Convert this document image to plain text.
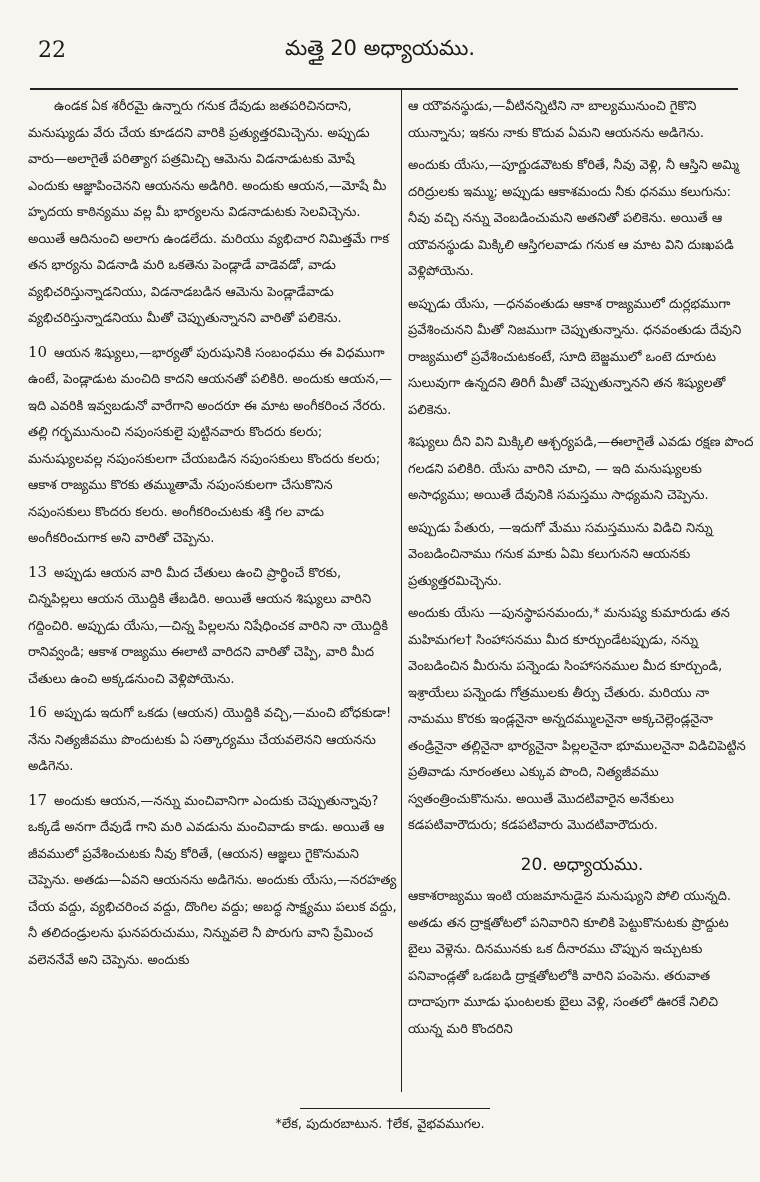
22	మత్తై 20 అధ్యాయము.

ఉండక ఏక శరీరమై ఉన్నారు గనుక దేవుడు జతపరిచినదాని, మనుష్యుడు వేరు చేయ కూడదని వారికి ప్రత్యుత్తరమిచ్చెను. అప్పుడు వారు—అలాగైతే పరిత్యాగ పత్రమిచ్చి ఆమెను విడనాడుటకు మోషే ఎందుకు ఆజ్ఞాపించెనని ఆయనను అడిగిరి. అందుకు ఆయన,—మోషే మీ హృదయ కాఠిన్యము వల్ల మీ భార్యలను విడనాడుటకు సెలవిచ్చెను. అయితే ఆదినుంచి అలాగు ఉండలేదు. మరియు వ్యభిచార నిమిత్తమే గాక తన భార్యను విడనాడి మరి ఒకతెను పెండ్లాడే వాడెవడో, వాడు వ్యభిచరిస్తున్నాడనియు, విడనాడబడిన ఆమెను పెండ్లాడేవాడు వ్యభిచరిస్తున్నాడనియు మీతో చెప్పుతున్నానని వారితో పలికెను.

10 ఆయన శిష్యులు,—భార్యతో పురుషునికి సంబంధము ఈ విధముగా ఉంటే, పెండ్లాడుట మంచిది కాదని ఆయనతో పలికిరి. అందుకు ఆయన,—ఇది ఎవరికి ఇవ్వబడునో వారేగాని అందరూ ఈ మాట అంగీకరించ నేరరు. తల్లి గర్భమునుంచి నపుంసకులై పుట్టినవారు కొందరు కలరు; మనుష్యులవల్ల నపుంసకులగా చేయబడిన నపుంసకులు కొందరు కలరు; ఆకాశ రాజ్యము కొరకు తమ్ముతామే నపుంసకులగా చేసుకొనిన నపుంసకులు కొందరు కలరు. అంగీకరించుటకు శక్తి గల వాడు అంగీకరించుగాక అని వారితో చెప్పెను.

13 అప్పుడు ఆయన వారి మీద చేతులు ఉంచి ప్రార్థించే కొరకు, చిన్నపిల్లలు ఆయన యొద్దికి తేబడిరి. అయితే ఆయన శిష్యులు వారిని గద్దించిరి. అప్పుడు యేసు,—చిన్న పిల్లలను నిషేధించక వారిని నా యొద్దికి రానివ్వండి; ఆకాశ రాజ్యము ఈలాటి వారిదని వారితో చెప్పి, వారి మీద చేతులు ఉంచి అక్కడనుంచి వెళ్లిపోయెను.

16 అప్పుడు ఇదుగో ఒకడు (ఆయన) యొద్దికి వచ్చి,—మంచి బోధకుడా! నేను నిత్యజీవము పొందుటకు ఏ సత్కార్యము చేయవలెనని ఆయనను అడిగెను.

17 అందుకు ఆయన,—నన్ను మంచివానిగా ఎందుకు చెప్పుతున్నావు? ఒక్కడే అనగా దేవుడే గాని మరి ఎవడును మంచివాడు కాడు. అయితే ఆ జీవములో ప్రవేశించుటకు నీవు కోరితే, (ఆయన) ఆజ్ఞలు గైకొనుమని చెప్పెను. అతడు—ఏవని ఆయనను అడిగెను. అందుకు యేసు,—నరహత్య చేయ వద్దు, వ్యభిచరించ వద్దు, దొంగిల వద్దు; అబద్ధ సాక్ష్యము పలుక వద్దు, నీ తలిదండ్రులను ఘనపరుచుము, నిన్నువలె నీ పొరుగు వాని ప్రేమించ వలెననేవే అని చెప్పెను. అందుకు

ఆ యౌవనస్థుడు,—వీటినన్నిటిని నా బాల్యమునుంచి గైకొని యున్నాను; ఇకను నాకు కొదువ ఏమని ఆయనను అడిగెను.

అందుకు యేసు,—పూర్ణుడవౌటకు కోరితే, నీవు వెళ్లి, నీ ఆస్తిని అమ్మి దరిద్రులకు ఇమ్ము; అప్పుడు ఆకాశమందు నీకు ధనము కలుగును: నీవు వచ్చి నన్ను వెంబడించుమని అతనితో పలికెను. అయితే ఆ యౌవనస్థుడు మిక్కిలి ఆస్తిగలవాడు గనుక ఆ మాట విని దుఃఖపడి వెళ్లిపోయెను.

అప్పుడు యేసు, —ధనవంతుడు ఆకాశ రాజ్యములో దుర్లభముగా ప్రవేశించునని మీతో నిజముగా చెప్పుతున్నాను. ధనవంతుడు దేవుని రాజ్యములో ప్రవేశించుటకంటే, సూది బెజ్జములో ఒంటె దూరుట సులువుగా ఉన్నదని తిరిగీ మీతో చెప్పుతున్నానని తన శిష్యులతో పలికెను.

శిష్యులు దీని విని మిక్కిలి ఆశ్చర్యపడి,—ఈలాగైతే ఎవడు రక్షణ పొంద గలడని పలికిరి. యేసు వారిని చూచి, — ఇది మనుష్యులకు అసాధ్యము; అయితే దేవునికి సమస్తము సాధ్యమని చెప్పెను.

అప్పుడు పేతురు, —ఇదుగో మేము సమస్తమును విడిచి నిన్ను వెంబడించినాము గనుక మాకు ఏమి కలుగునని ఆయనకు ప్రత్యుత్తరమిచ్చెను.

అందుకు యేసు —పునస్థాపనమందు,* మనుష్య కుమారుడు తన మహిమగల† సింహాసనము మీద కూర్చుండేటప్పుడు, నన్ను వెంబడించిన మీరును పన్నెండు సింహాసనముల మీద కూర్చుండి, ఇశ్రాయేలు పన్నెండు గోత్రములకు తీర్పు చేతురు. మరియు నా నామము కొరకు ఇండ్లనైనా అన్నదమ్ములనైనా అక్కచెల్లెండ్లనైనా తండ్రినైనా తల్లినైనా భార్యనైనా పిల్లలనైనా భూములనైనా విడిచిపెట్టిన ప్రతివాడు నూరంతలు ఎక్కువ పొంది, నిత్యజీవము స్వతంత్రించుకొనును. అయితే మొదటివారైన అనేకులు కడపటివారౌదురు; కడపటివారు మొదటివారౌదురు.

20. అధ్యాయము.

ఆకాశరాజ్యము ఇంటి యజమానుడైన మనుష్యుని పోలి యున్నది. అతడు తన ద్రాక్షతోటలో పనివారిని కూలికి పెట్టుకొనుటకు ప్రొద్దుట బైలు వెళ్లెను. దినమునకు ఒక దీనారము చొప్పున ఇచ్చుటకు పనివాండ్లతో ఒడబడి ద్రాక్షతోటలోకి వారిని పంపెను. తరువాత దాదాపుగా మూడు ఘంటలకు బైలు వెళ్లి, సంతలో ఊరకే నిలిచి యున్న మరి కొందరిని

*లేక, పుదురబాటున. †లేక, వైభవముగల.
